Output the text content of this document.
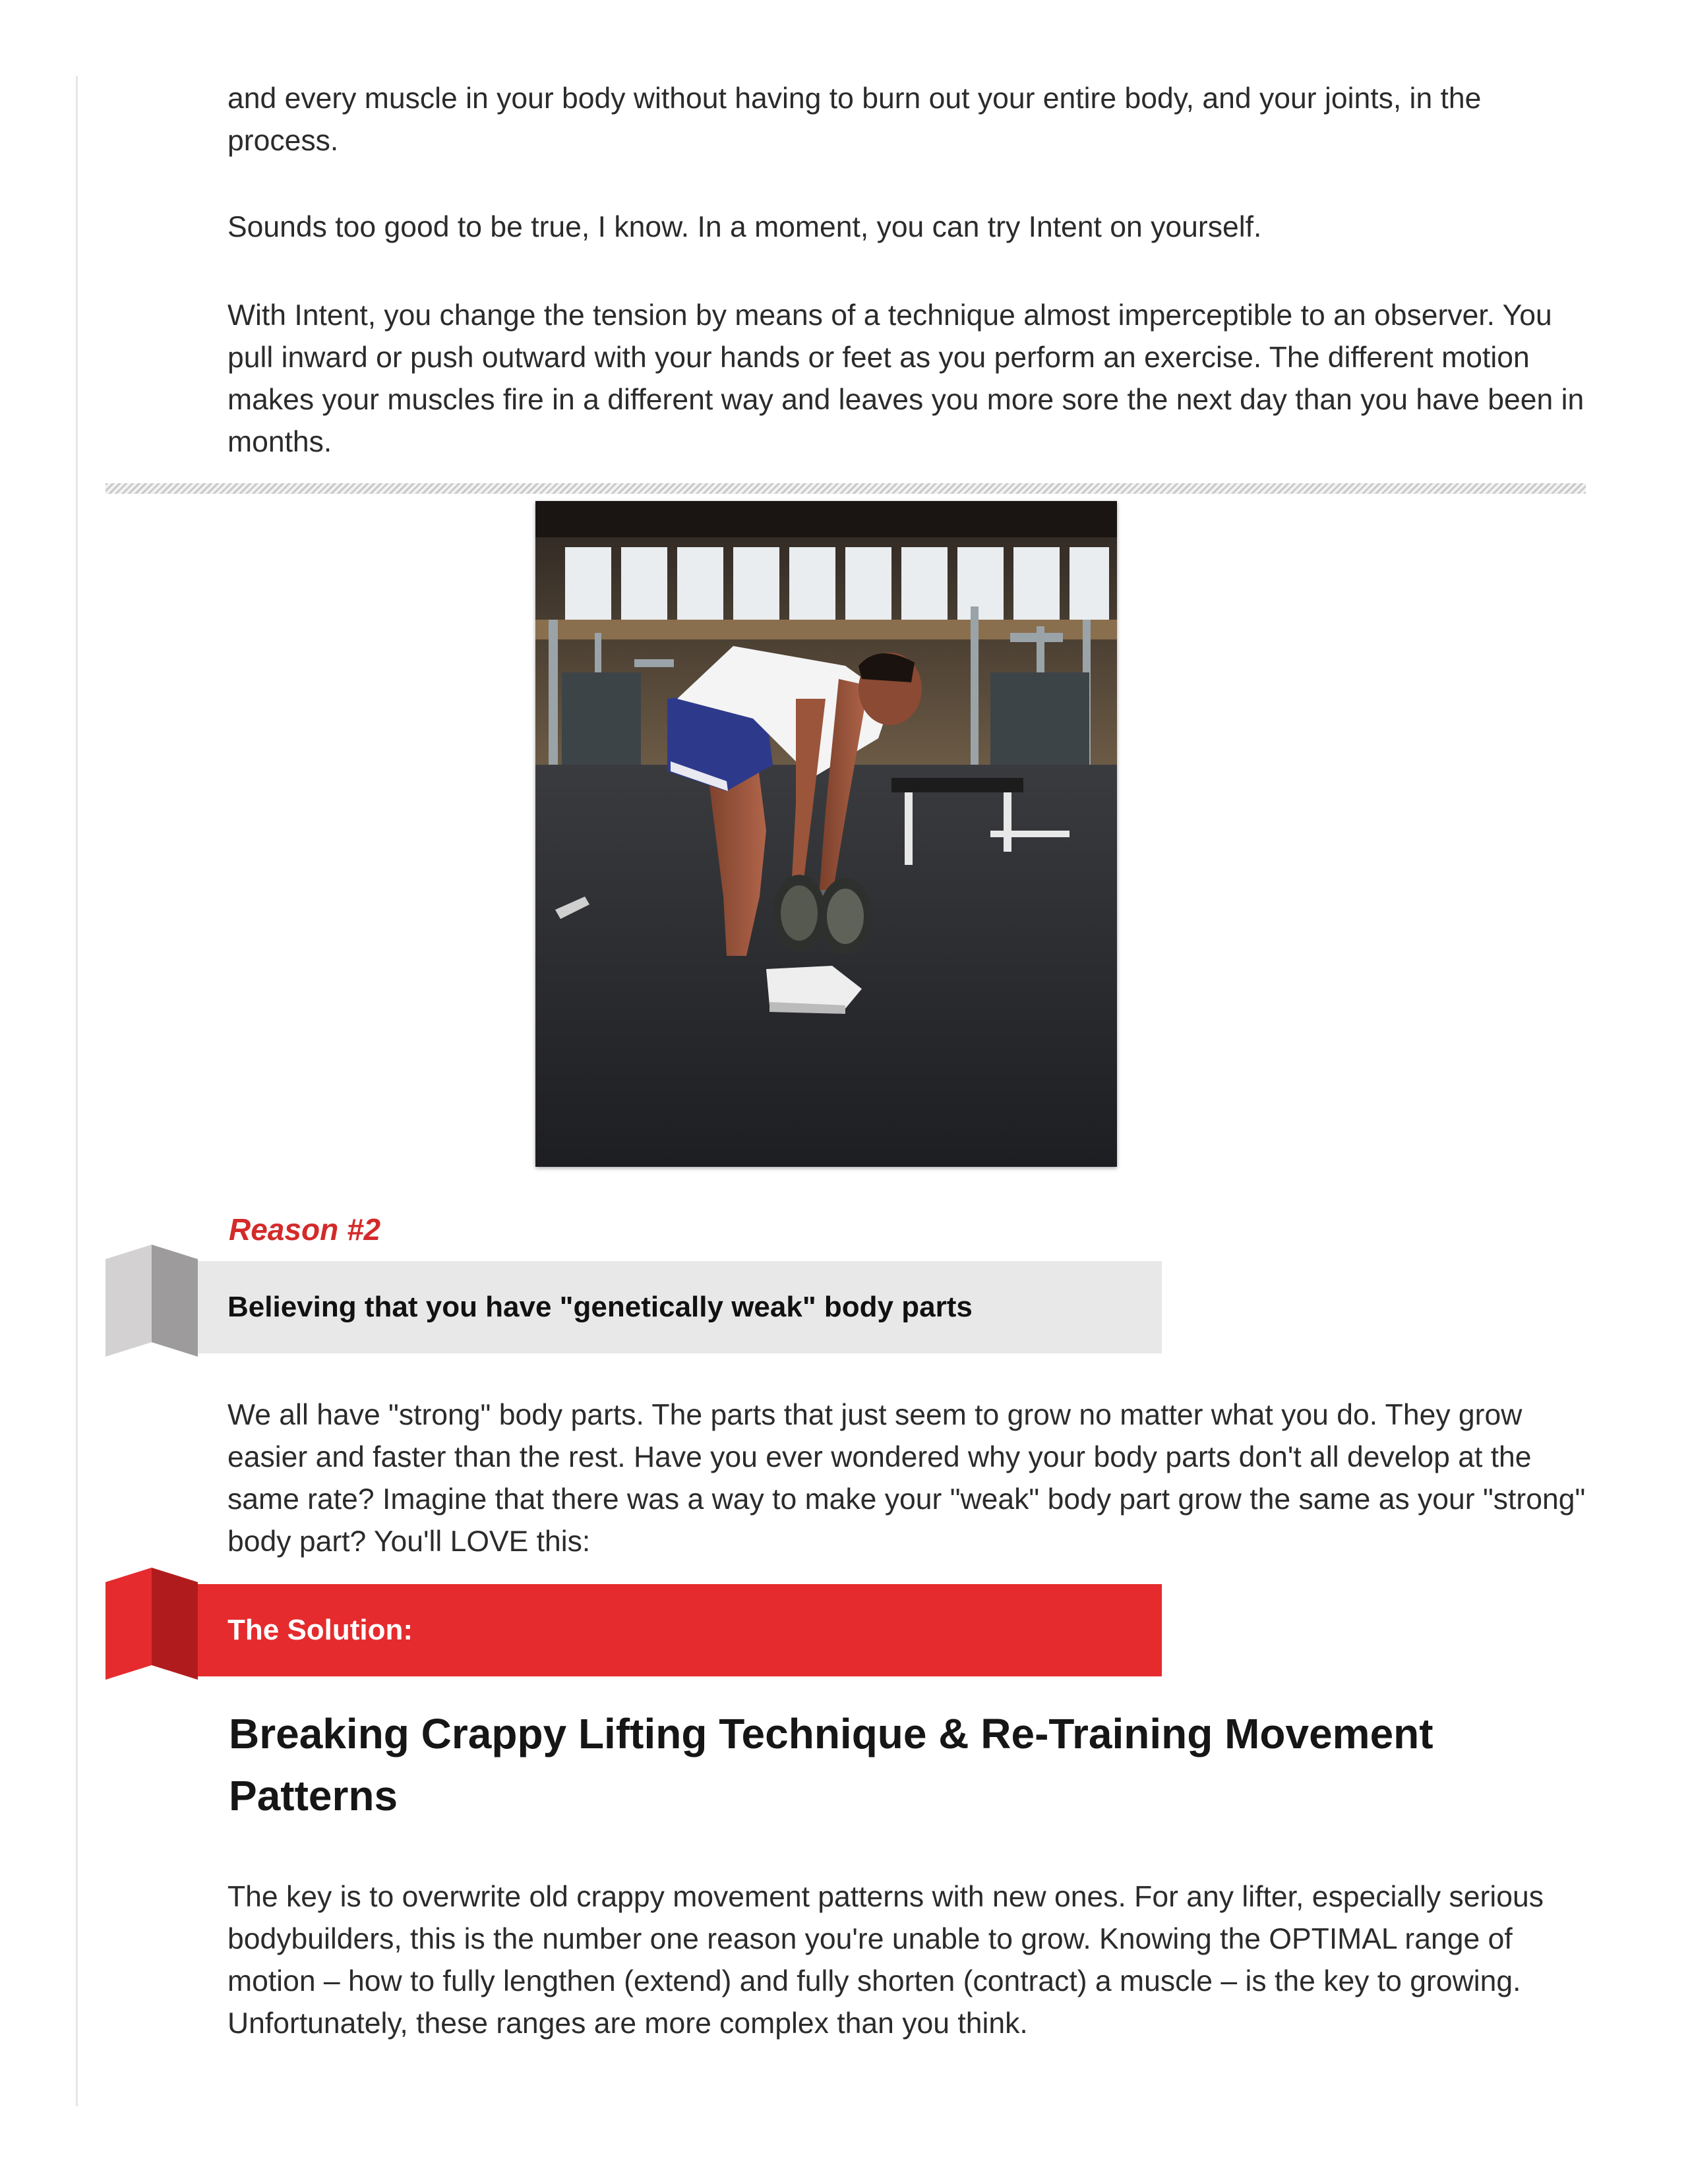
and every muscle in your body without having to burn out your entire body, and your joints, in the process.

Sounds too good to be true, I know. In a moment, you can try Intent on yourself.

With Intent, you change the tension by means of a technique almost imperceptible to an observer. You pull inward or push outward with your hands or feet as you perform an exercise. The different motion makes your muscles fire in a different way and leaves you more sore the next day than you have been in months.

Reason #2

Believing that you have "genetically weak" body parts

We all have "strong" body parts. The parts that just seem to grow no matter what you do. They grow easier and faster than the rest. Have you ever wondered why your body parts don't all develop at the same rate? Imagine that there was a way to make your "weak" body part grow the same as your "strong" body part? You'll LOVE this:

The Solution:

Breaking Crappy Lifting Technique & Re-Training Movement Patterns

The key is to overwrite old crappy movement patterns with new ones. For any lifter, especially serious bodybuilders, this is the number one reason you're unable to grow. Knowing the OPTIMAL range of motion – how to fully lengthen (extend) and fully shorten (contract) a muscle – is the key to growing. Unfortunately, these ranges are more complex than you think.
